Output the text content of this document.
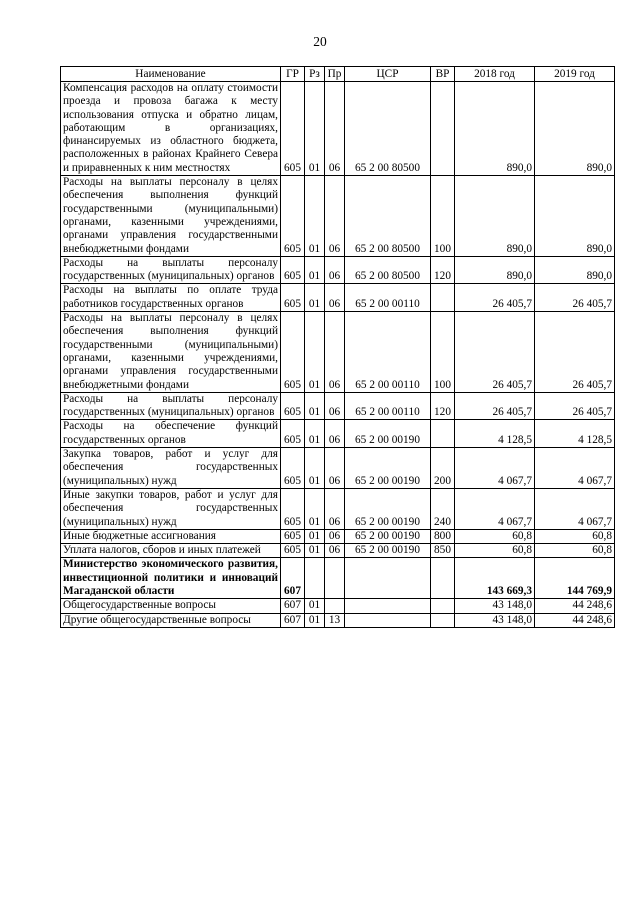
20
Наименование	ГР	Рз	Пр	ЦСР	ВР	2018 год	2019 год
Компенсация расходов на оплату стоимости проезда и провоза багажа к месту использования отпуска и обратно лицам, работающим в организациях, финансируемых из областного бюджета, расположенных в районах Крайнего Севера и приравненных к ним местностях	605	01	06	65 2 00 80500		890,0	890,0
Расходы на выплаты персоналу в целях обеспечения выполнения функций государственными (муниципальными) органами, казенными учреждениями, органами управления государственными внебюджетными фондами	605	01	06	65 2 00 80500	100	890,0	890,0
Расходы на выплаты персоналу государственных (муниципальных) органов	605	01	06	65 2 00 80500	120	890,0	890,0
Расходы на выплаты по оплате труда работников государственных органов	605	01	06	65 2 00 00110		26 405,7	26 405,7
Расходы на выплаты персоналу в целях обеспечения выполнения функций государственными (муниципальными) органами, казенными учреждениями, органами управления государственными внебюджетными фондами	605	01	06	65 2 00 00110	100	26 405,7	26 405,7
Расходы на выплаты персоналу государственных (муниципальных) органов	605	01	06	65 2 00 00110	120	26 405,7	26 405,7
Расходы на обеспечение функций государственных органов	605	01	06	65 2 00 00190		4 128,5	4 128,5
Закупка товаров, работ и услуг для обеспечения государственных (муниципальных) нужд	605	01	06	65 2 00 00190	200	4 067,7	4 067,7
Иные закупки товаров, работ и услуг для обеспечения государственных (муниципальных) нужд	605	01	06	65 2 00 00190	240	4 067,7	4 067,7
Иные бюджетные ассигнования	605	01	06	65 2 00 00190	800	60,8	60,8
Уплата налогов, сборов и иных платежей	605	01	06	65 2 00 00190	850	60,8	60,8
Министерство экономического развития, инвестиционной политики и инноваций Магаданской области	607					143 669,3	144 769,9
Общегосударственные вопросы	607	01				43 148,0	44 248,6
Другие общегосударственные вопросы	607	01	13			43 148,0	44 248,6
